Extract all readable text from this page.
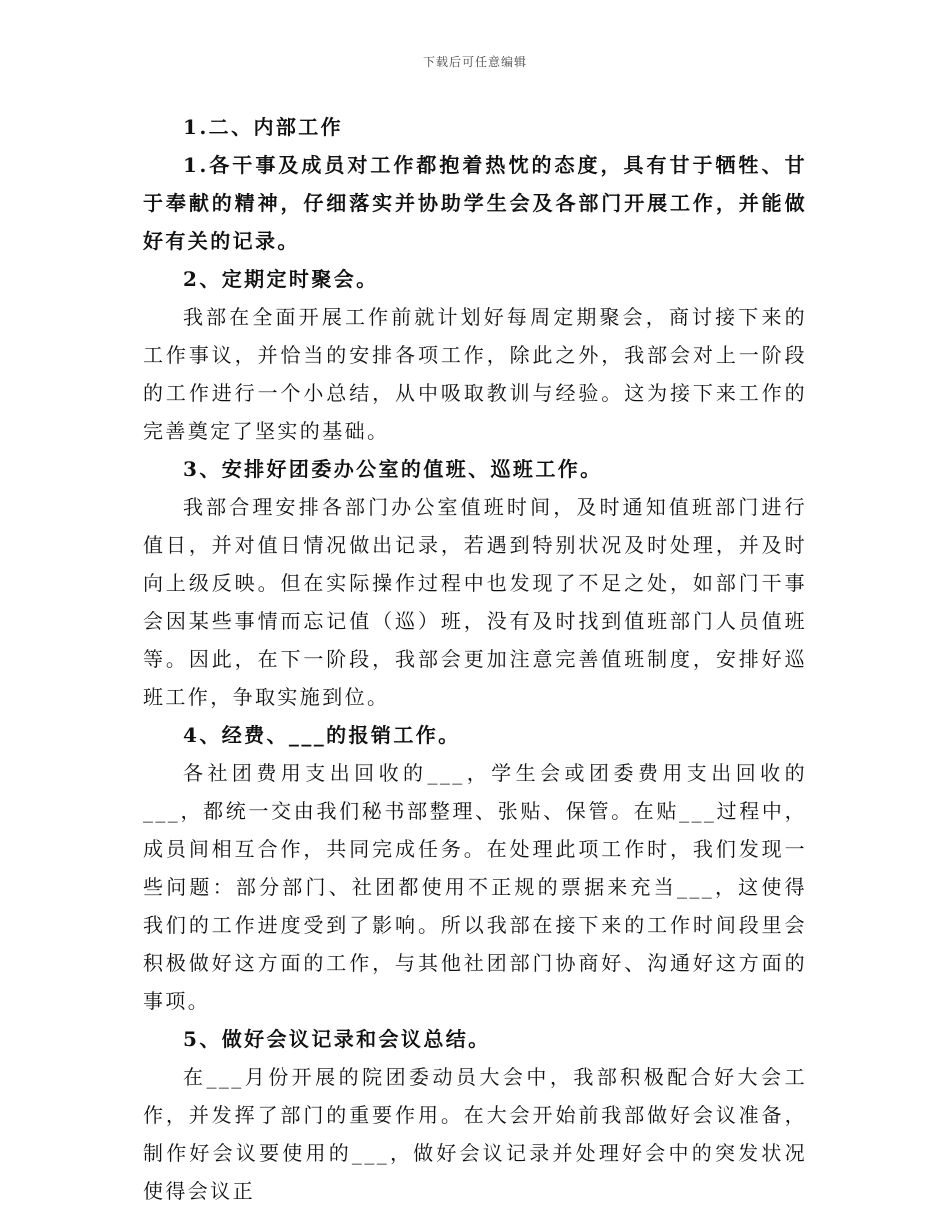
下载后可任意编辑

1.二、内部工作

1.各干事及成员对工作都抱着热忱的态度，具有甘于牺牲、甘于奉献的精神，仔细落实并协助学生会及各部门开展工作，并能做好有关的记录。

2、定期定时聚会。

我部在全面开展工作前就计划好每周定期聚会，商讨接下来的工作事议，并恰当的安排各项工作，除此之外，我部会对上一阶段的工作进行一个小总结，从中吸取教训与经验。这为接下来工作的完善奠定了坚实的基础。

3、安排好团委办公室的值班、巡班工作。

我部合理安排各部门办公室值班时间，及时通知值班部门进行值日，并对值日情况做出记录，若遇到特别状况及时处理，并及时向上级反映。但在实际操作过程中也发现了不足之处，如部门干事会因某些事情而忘记值（巡）班，没有及时找到值班部门人员值班等。因此，在下一阶段，我部会更加注意完善值班制度，安排好巡班工作，争取实施到位。

4、经费、___的报销工作。

各社团费用支出回收的___，学生会或团委费用支出回收的___，都统一交由我们秘书部整理、张贴、保管。在贴___过程中，成员间相互合作，共同完成任务。在处理此项工作时，我们发现一些问题：部分部门、社团都使用不正规的票据来充当___，这使得我们的工作进度受到了影响。所以我部在接下来的工作时间段里会积极做好这方面的工作，与其他社团部门协商好、沟通好这方面的事项。

5、做好会议记录和会议总结。

在___月份开展的院团委动员大会中，我部积极配合好大会工作，并发挥了部门的重要作用。在大会开始前我部做好会议准备，制作好会议要使用的___，做好会议记录并处理好会中的突发状况使得会议正
